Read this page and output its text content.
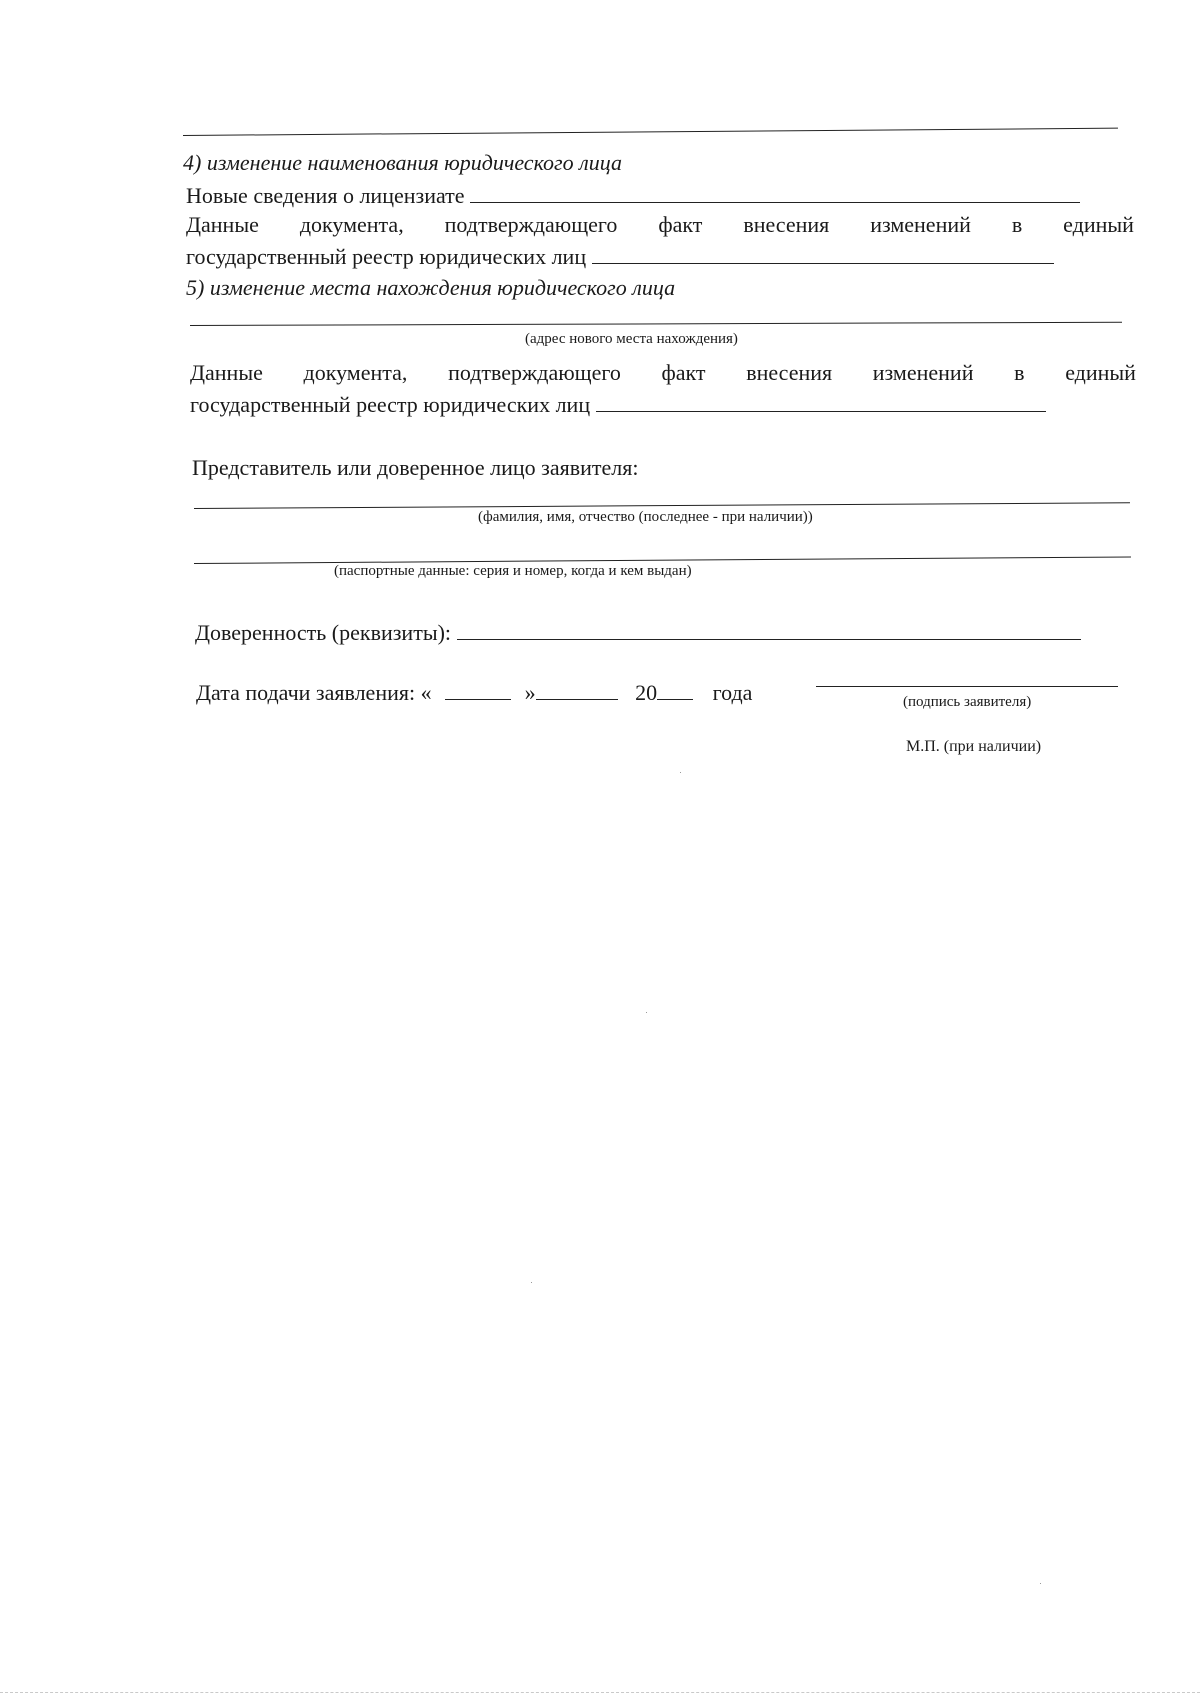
4) изменение наименования юридического лица
Новые сведения о лицензиате
Данные документа, подтверждающего факт внесения изменений в единый
государственный реестр юридических лиц
5) изменение места нахождения юридического лица
(адрес нового места нахождения)
Данные документа, подтверждающего факт внесения изменений в единый
государственный реестр юридических лиц
Представитель или доверенное лицо заявителя:
(фамилия, имя, отчество (последнее - при наличии))
(паспортные данные: серия и номер, когда и кем выдан)
Доверенность (реквизиты):
Дата подачи заявления: «	»	20	года	(подпись заявителя)
М.П. (при наличии)
